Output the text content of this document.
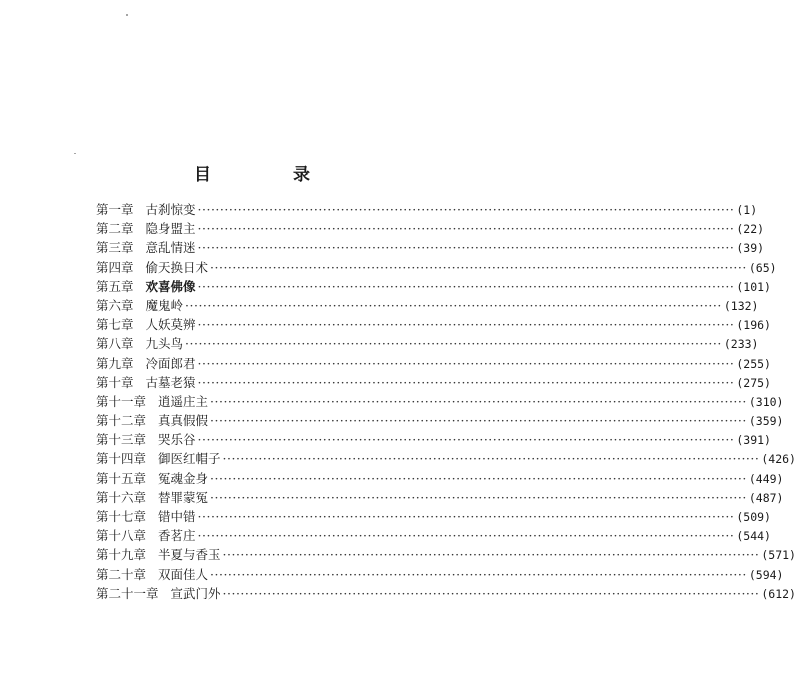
目 录
第一章 古刹惊变 ························································································································ (1)
第二章 隐身盟主 ························································································································ (22)
第三章 意乱情迷 ························································································································ (39)
第四章 偷天换日术 ························································································································ (65)
第五章 欢喜佛像 ························································································································ (101)
第六章 魔鬼岭 ························································································································ (132)
第七章 人妖莫辨 ························································································································ (196)
第八章 九头鸟 ························································································································ (233)
第九章 冷面郎君 ························································································································ (255)
第十章 古墓老猿 ························································································································ (275)
第十一章 逍遥庄主 ························································································································ (310)
第十二章 真真假假 ························································································································ (359)
第十三章 哭乐谷 ························································································································ (391)
第十四章 御医红帽子 ························································································································ (426)
第十五章 冤魂金身 ························································································································ (449)
第十六章 替罪蒙冤 ························································································································ (487)
第十七章 错中错 ························································································································ (509)
第十八章 香茗庄 ························································································································ (544)
第十九章 半夏与香玉 ························································································································ (571)
第二十章 双面佳人 ························································································································ (594)
第二十一章 宣武门外 ························································································································ (612)
